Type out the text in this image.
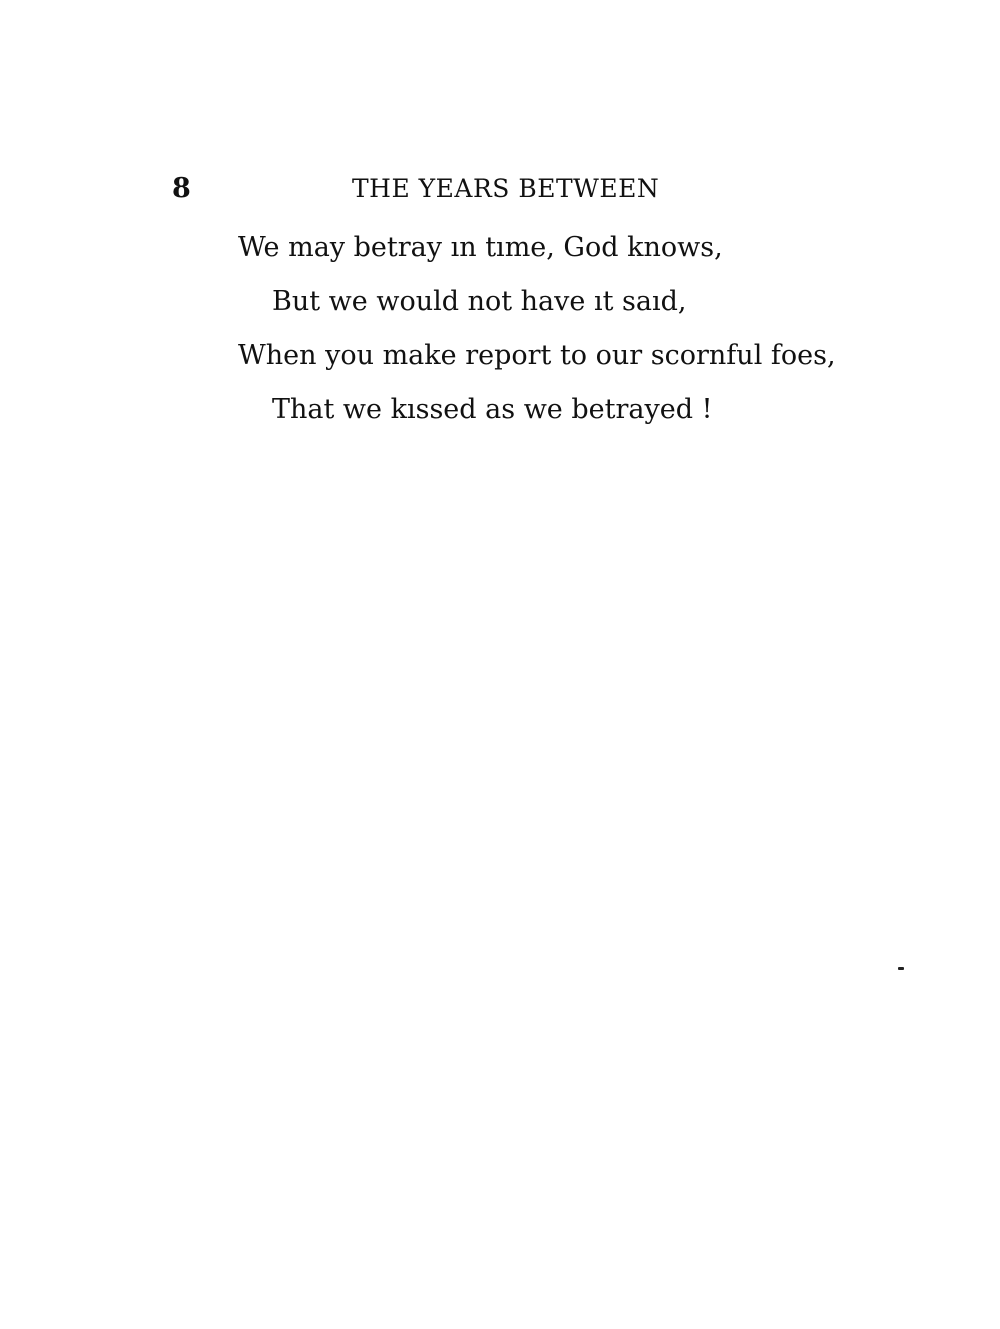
8	THE YEARS BETWEEN
We may betray ın tıme, God knows,
But we would not have ıt saıd,
When you make report to our scornful foes,
That we kıssed as we betrayed !
